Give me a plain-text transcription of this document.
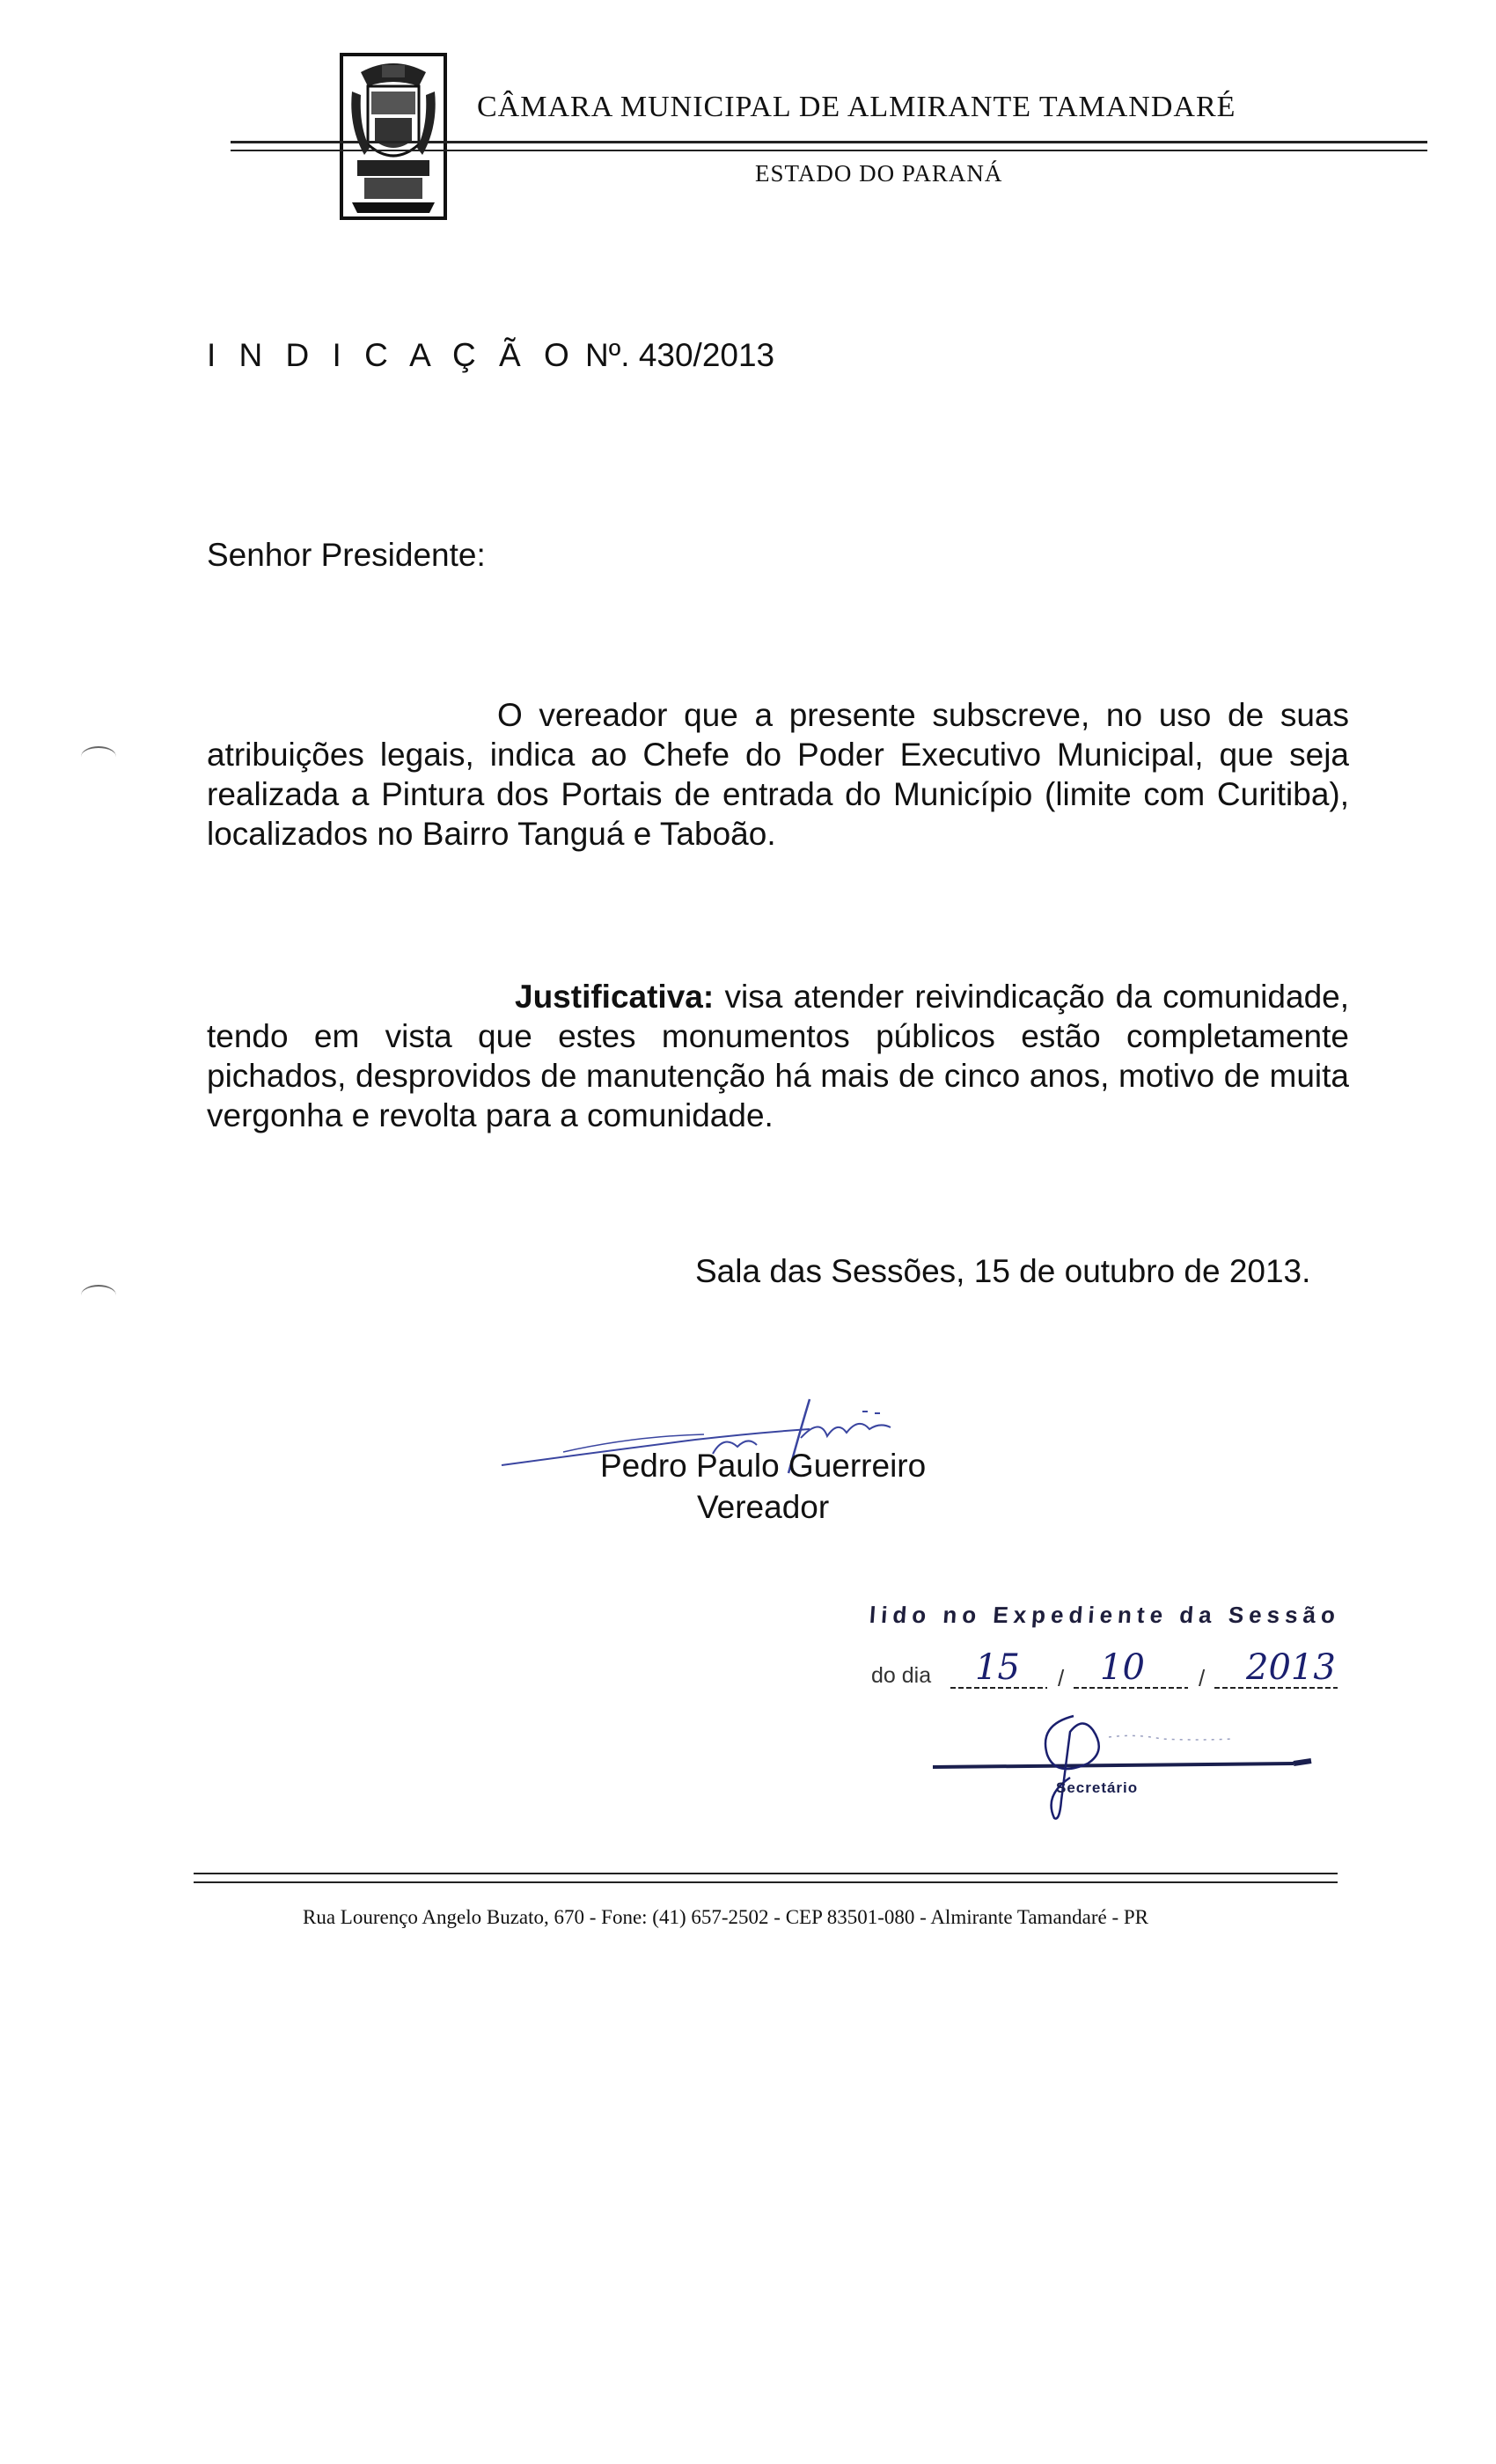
CÂMARA MUNICIPAL DE ALMIRANTE TAMANDARÉ
ESTADO DO PARANÁ
I N D I C A Ç Ã O Nº. 430/2013
Senhor Presidente:
O vereador que a presente subscreve, no uso de suas atribuições legais, indica ao Chefe do Poder Executivo Municipal, que seja realizada a Pintura dos Portais de entrada do Município (limite com Curitiba), localizados no Bairro Tanguá e Taboão.
Justificativa: visa atender reivindicação da comunidade, tendo em vista que estes monumentos públicos estão completamente pichados, desprovidos de manutenção há mais de cinco anos, motivo de muita vergonha e revolta para a comunidade.
Sala das Sessões, 15 de outubro de 2013.
Pedro Paulo Guerreiro
Vereador
lido no Expediente da Sessão
do dia 15 10	2013
/	/
Secretário
Rua Lourenço Angelo Buzato, 670 - Fone: (41) 657-2502 - CEP 83501-080 - Almirante Tamandaré - PR
